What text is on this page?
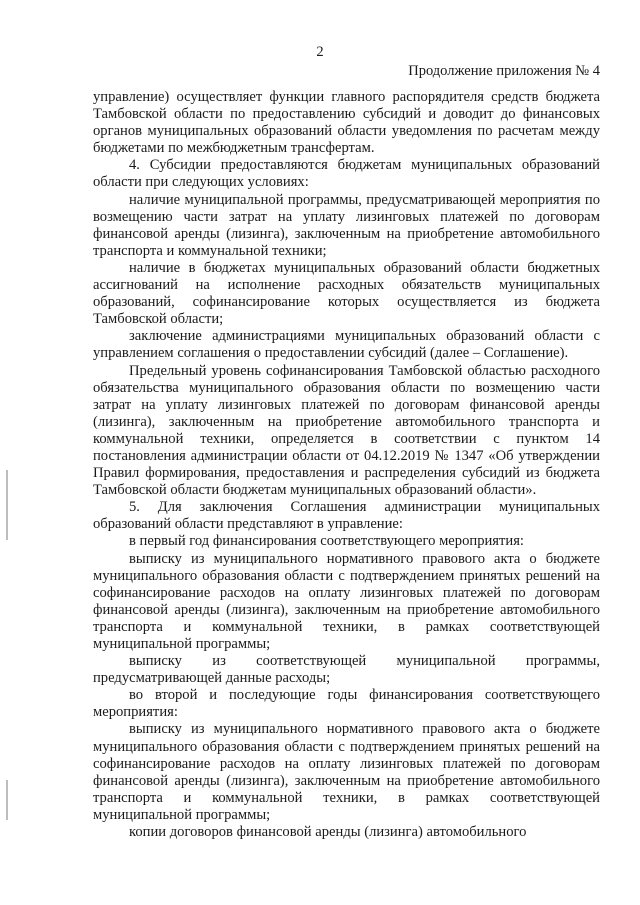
2
Продолжение приложения № 4

управление) осуществляет функции главного распорядителя средств бюджета Тамбовской области по предоставлению субсидий и доводит до финансовых органов муниципальных образований области уведомления по расчетам между бюджетами по межбюджетным трансфертам.

4. Субсидии предоставляются бюджетам муниципальных образований области при следующих условиях:

наличие муниципальной программы, предусматривающей мероприятия по возмещению части затрат на уплату лизинговых платежей по договорам финансовой аренды (лизинга), заключенным на приобретение автомобильного транспорта и коммунальной техники;

наличие в бюджетах муниципальных образований области бюджетных ассигнований на исполнение расходных обязательств муниципальных образований, софинансирование которых осуществляется из бюджета Тамбовской области;

заключение администрациями муниципальных образований области с управлением соглашения о предоставлении субсидий (далее – Соглашение).

Предельный уровень софинансирования Тамбовской областью расходного обязательства муниципального образования области по возмещению части затрат на уплату лизинговых платежей по договорам финансовой аренды (лизинга), заключенным на приобретение автомобильного транспорта и коммунальной техники, определяется в соответствии с пунктом 14 постановления администрации области от 04.12.2019 № 1347 «Об утверждении Правил формирования, предоставления и распределения субсидий из бюджета Тамбовской области бюджетам муниципальных образований области».

5. Для заключения Соглашения администрации муниципальных образований области представляют в управление:

в первый год финансирования соответствующего мероприятия:

выписку из муниципального нормативного правового акта о бюджете муниципального образования области с подтверждением принятых решений на софинансирование расходов на оплату лизинговых платежей по договорам финансовой аренды (лизинга), заключенным на приобретение автомобильного транспорта и коммунальной техники, в рамках соответствующей муниципальной программы;

выписку из соответствующей муниципальной программы, предусматривающей данные расходы;

во второй и последующие годы финансирования соответствующего мероприятия:

выписку из муниципального нормативного правового акта о бюджете муниципального образования области с подтверждением принятых решений на софинансирование расходов на оплату лизинговых платежей по договорам финансовой аренды (лизинга), заключенным на приобретение автомобильного транспорта и коммунальной техники, в рамках соответствующей муниципальной программы;

копии договоров финансовой аренды (лизинга) автомобильного
